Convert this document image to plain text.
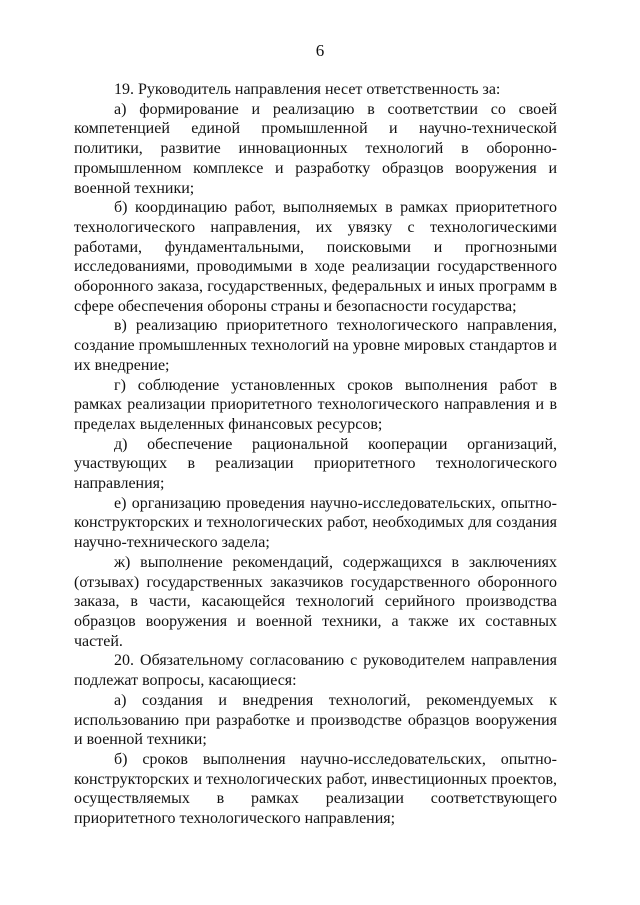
6

19. Руководитель направления несет ответственность за:

а) формирование и реализацию в соответствии со своей компетенцией единой промышленной и научно-технической политики, развитие инновационных технологий в оборонно-промышленном комплексе и разработку образцов вооружения и военной техники;

б) координацию работ, выполняемых в рамках приоритетного технологического направления, их увязку с технологическими работами, фундаментальными, поисковыми и прогнозными исследованиями, проводимыми в ходе реализации государственного оборонного заказа, государственных, федеральных и иных программ в сфере обеспечения обороны страны и безопасности государства;

в) реализацию приоритетного технологического направления, создание промышленных технологий на уровне мировых стандартов и их внедрение;

г) соблюдение установленных сроков выполнения работ в рамках реализации приоритетного технологического направления и в пределах выделенных финансовых ресурсов;

д) обеспечение рациональной кооперации организаций, участвующих в реализации приоритетного технологического направления;

е) организацию проведения научно-исследовательских, опытно-конструкторских и технологических работ, необходимых для создания научно-технического задела;

ж) выполнение рекомендаций, содержащихся в заключениях (отзывах) государственных заказчиков государственного оборонного заказа, в части, касающейся технологий серийного производства образцов вооружения и военной техники, а также их составных частей.

20. Обязательному согласованию с руководителем направления подлежат вопросы, касающиеся:

а) создания и внедрения технологий, рекомендуемых к использованию при разработке и производстве образцов вооружения и военной техники;

б) сроков выполнения научно-исследовательских, опытно-конструкторских и технологических работ, инвестиционных проектов, осуществляемых в рамках реализации соответствующего приоритетного технологического направления;
